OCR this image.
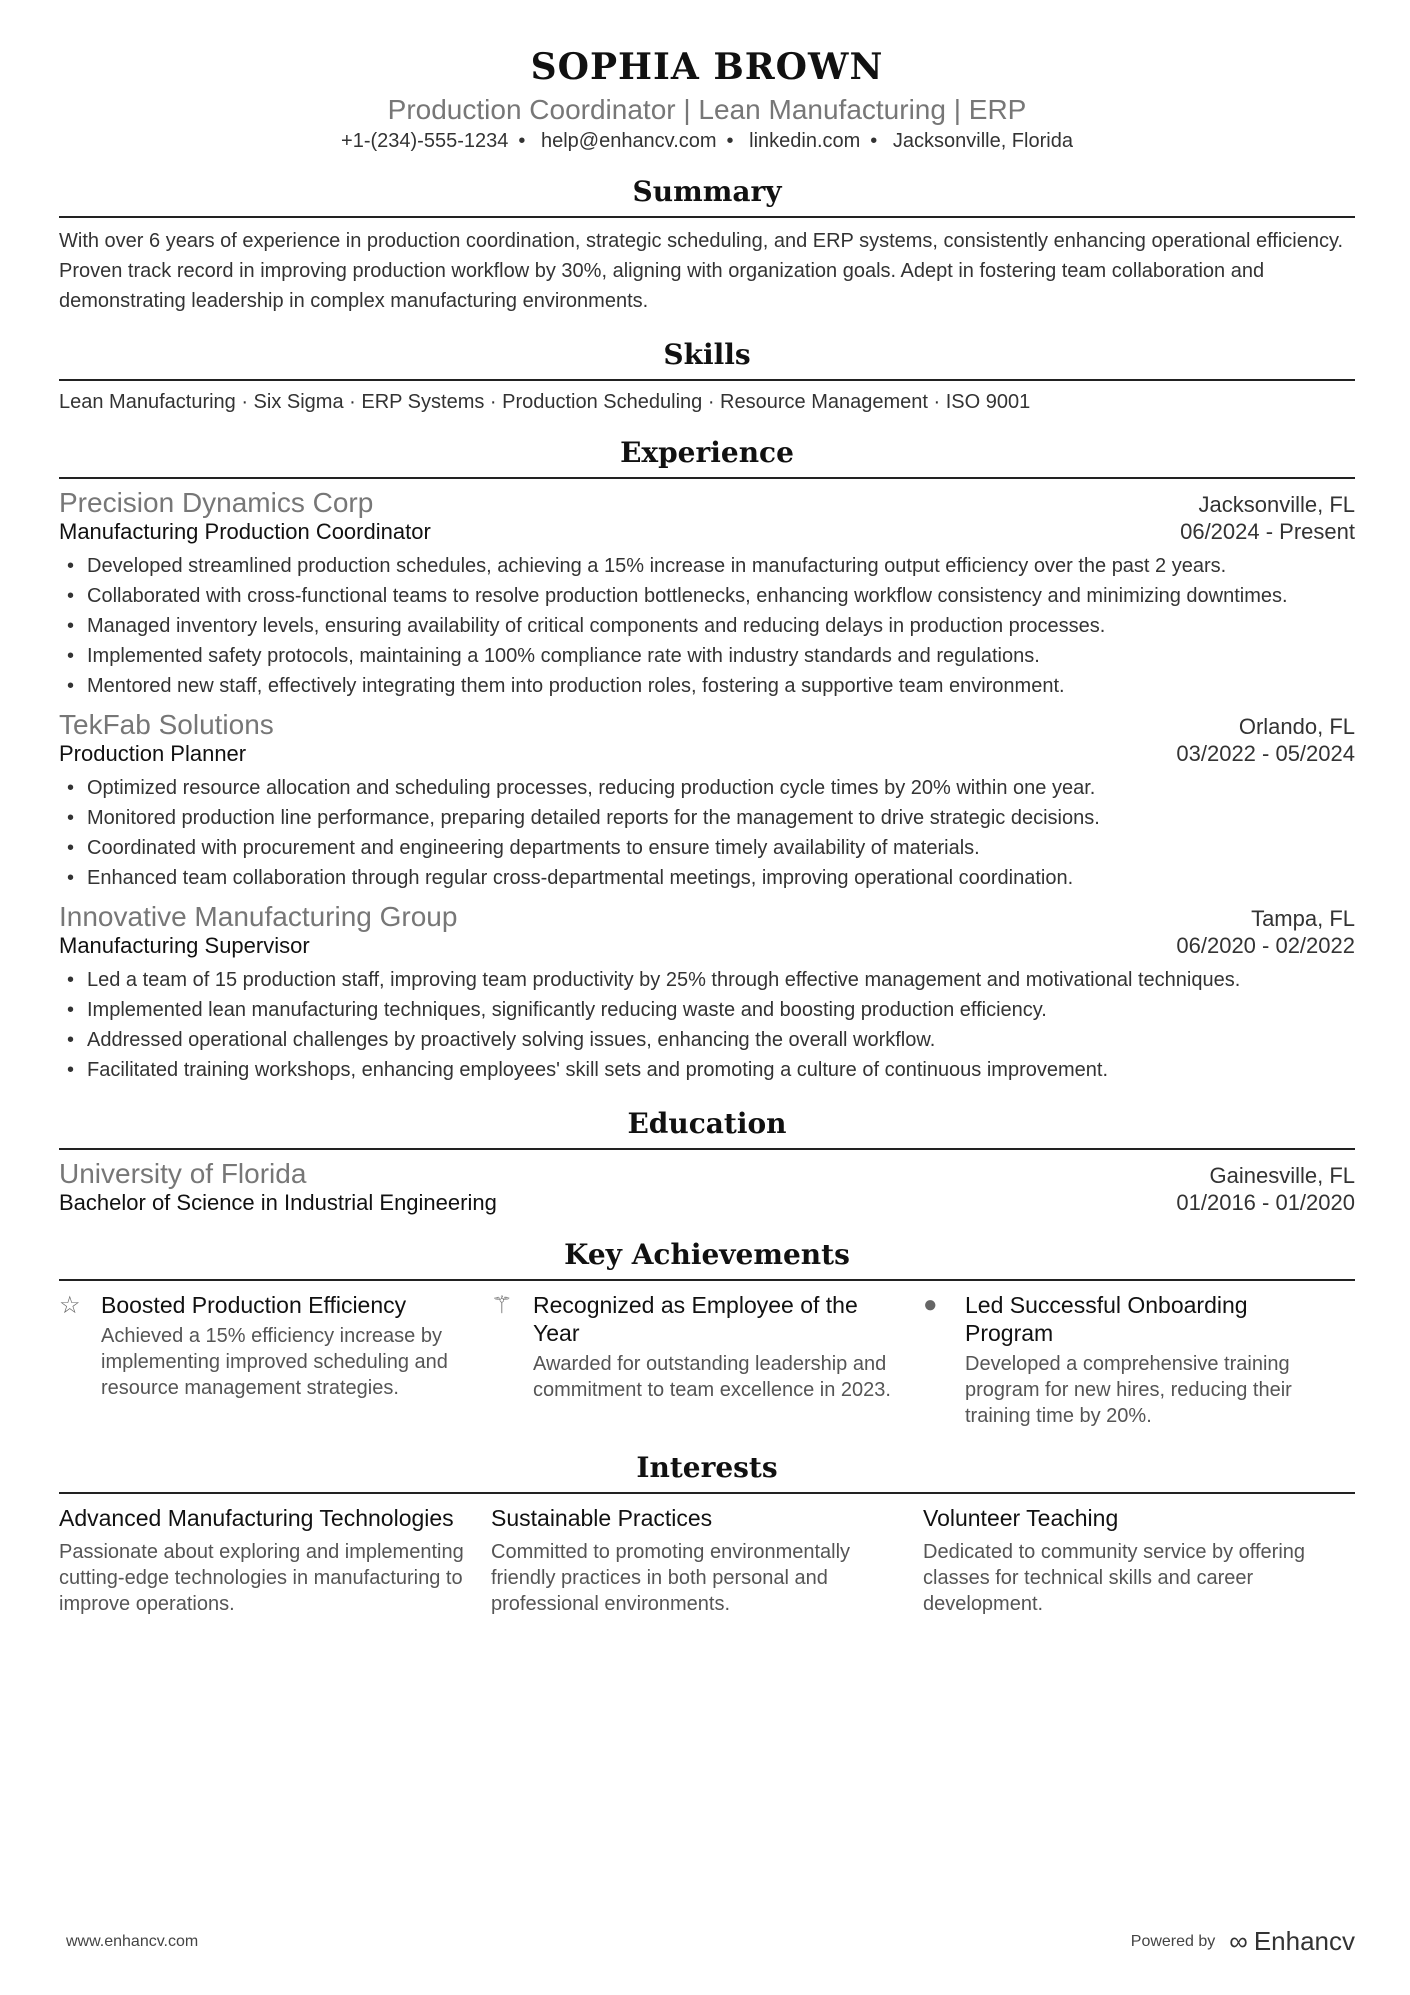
SOPHIA BROWN
Production Coordinator | Lean Manufacturing | ERP
+1-(234)-555-1234 • help@enhancv.com • linkedin.com • Jacksonville, Florida
Summary
With over 6 years of experience in production coordination, strategic scheduling, and ERP systems, consistently enhancing operational efficiency. Proven track record in improving production workflow by 30%, aligning with organization goals. Adept in fostering team collaboration and demonstrating leadership in complex manufacturing environments.
Skills
Lean Manufacturing · Six Sigma · ERP Systems · Production Scheduling · Resource Management · ISO 9001
Experience
Precision Dynamics Corp	Jacksonville, FL
Manufacturing Production Coordinator	06/2024 - Present
• Developed streamlined production schedules, achieving a 15% increase in manufacturing output efficiency over the past 2 years.
• Collaborated with cross-functional teams to resolve production bottlenecks, enhancing workflow consistency and minimizing downtimes.
• Managed inventory levels, ensuring availability of critical components and reducing delays in production processes.
• Implemented safety protocols, maintaining a 100% compliance rate with industry standards and regulations.
• Mentored new staff, effectively integrating them into production roles, fostering a supportive team environment.
TekFab Solutions	Orlando, FL
Production Planner	03/2022 - 05/2024
• Optimized resource allocation and scheduling processes, reducing production cycle times by 20% within one year.
• Monitored production line performance, preparing detailed reports for the management to drive strategic decisions.
• Coordinated with procurement and engineering departments to ensure timely availability of materials.
• Enhanced team collaboration through regular cross-departmental meetings, improving operational coordination.
Innovative Manufacturing Group	Tampa, FL
Manufacturing Supervisor	06/2020 - 02/2022
• Led a team of 15 production staff, improving team productivity by 25% through effective management and motivational techniques.
• Implemented lean manufacturing techniques, significantly reducing waste and boosting production efficiency.
• Addressed operational challenges by proactively solving issues, enhancing the overall workflow.
• Facilitated training workshops, enhancing employees' skill sets and promoting a culture of continuous improvement.
Education
University of Florida	Gainesville, FL
Bachelor of Science in Industrial Engineering	01/2016 - 01/2020
Key Achievements
☆ Boosted Production Efficiency
Achieved a 15% efficiency increase by implementing improved scheduling and resource management strategies.
⚚ Recognized as Employee of the Year
Awarded for outstanding leadership and commitment to team excellence in 2023.
●	Led Successful Onboarding Program
Developed a comprehensive training program for new hires, reducing their training time by 20%.
Interests
Advanced Manufacturing Technologies
Passionate about exploring and implementing cutting-edge technologies in manufacturing to improve operations.
Sustainable Practices
Committed to promoting environmentally friendly practices in both personal and professional environments.
Volunteer Teaching
Dedicated to community service by offering classes for technical skills and career development.
www.enhancv.com	Powered by ∞ Enhancv
